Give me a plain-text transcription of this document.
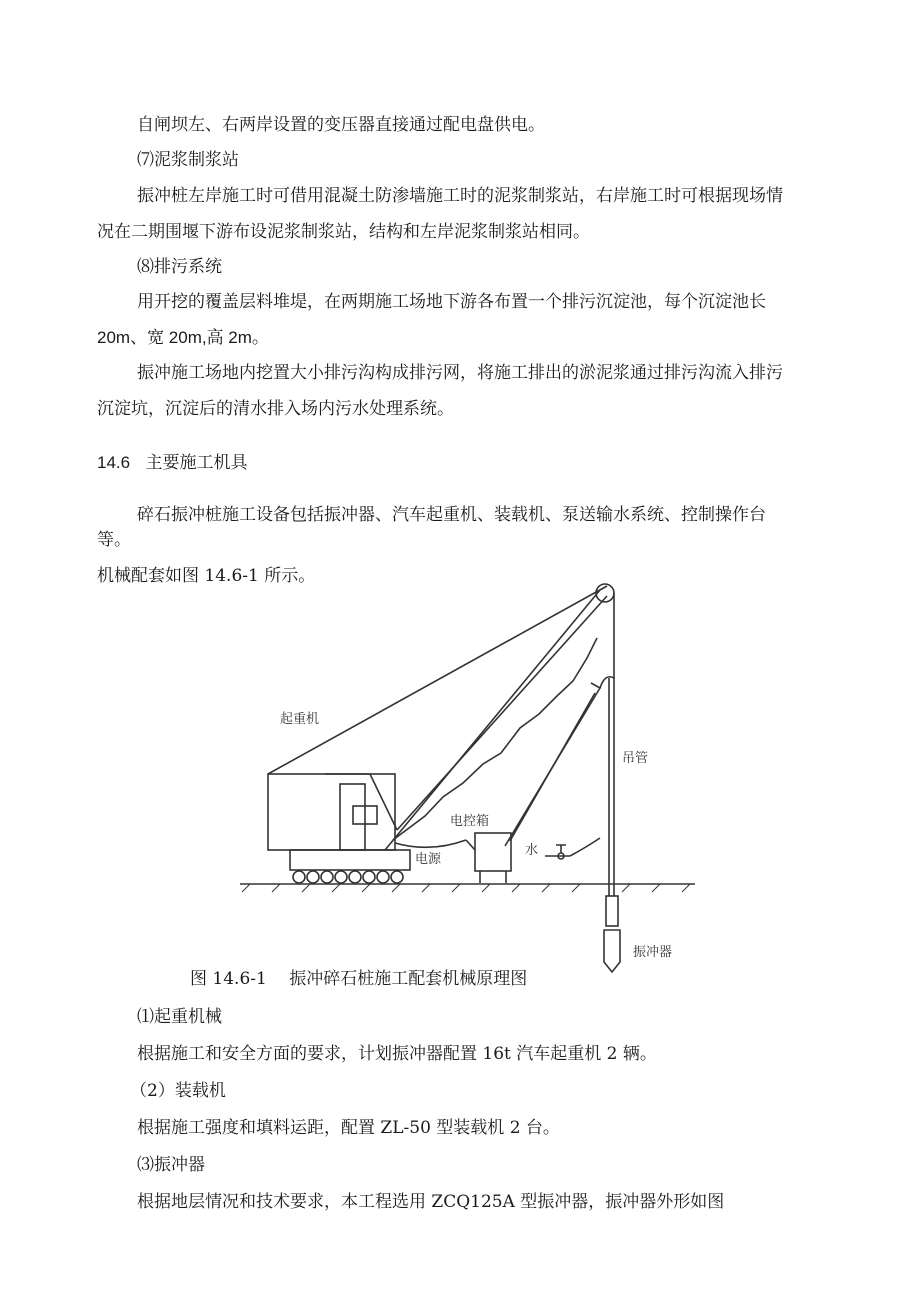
自闸坝左、右两岸设置的变压器直接通过配电盘供电。
⑺泥浆制浆站
振冲桩左岸施工时可借用混凝土防渗墙施工时的泥浆制浆站，右岸施工时可根据现场情
况在二期围堰下游布设泥浆制浆站，结构和左岸泥浆制浆站相同。
⑻排污系统
用开挖的覆盖层料堆堤，在两期施工场地下游各布置一个排污沉淀池，每个沉淀池长
20m、宽 20m,高 2m。
振冲施工场地内挖置大小排污沟构成排污网，将施工排出的淤泥浆通过排污沟流入排污
沉淀坑，沉淀后的清水排入场内污水处理系统。
14.6 主要施工机具
碎石振冲桩施工设备包括振冲器、汽车起重机、装载机、泵送输水系统、控制操作台
等。
机械配套如图 14.6-1 所示。
起重机
吊管
电控箱
电源
水
振冲器
图 14.6-1　 振冲碎石桩施工配套机械原理图
⑴起重机械
根据施工和安全方面的要求，计划振冲器配置 16t 汽车起重机 2 辆。
（2）装载机
根据施工强度和填料运距，配置 ZL-50 型装载机 2 台。
⑶振冲器
根据地层情况和技术要求，本工程选用 ZCQ125A 型振冲器，振冲器外形如图
